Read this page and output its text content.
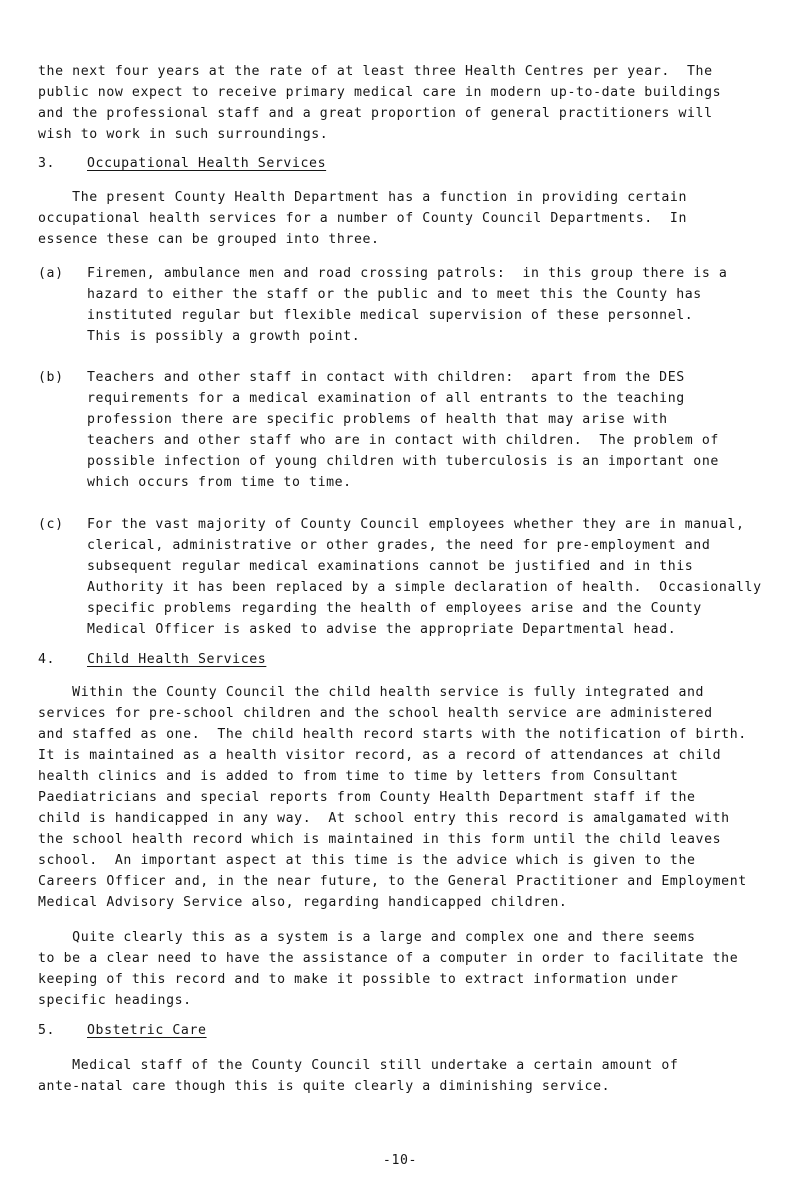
the next four years at the rate of at least three Health Centres per year.  The
public now expect to receive primary medical care in modern up-to-date buildings
and the professional staff and a great proportion of general practitioners will
wish to work in such surroundings.
3. Occupational Health Services
The present County Health Department has a function in providing certain
occupational health services for a number of County Council Departments.  In
essence these can be grouped into three.
(a) Firemen, ambulance men and road crossing patrols:  in this group there is a
hazard to either the staff or the public and to meet this the County has
instituted regular but flexible medical supervision of these personnel.
This is possibly a growth point.
(b) Teachers and other staff in contact with children:  apart from the DES
requirements for a medical examination of all entrants to the teaching
profession there are specific problems of health that may arise with
teachers and other staff who are in contact with children.  The problem of
possible infection of young children with tuberculosis is an important one
which occurs from time to time.
(c) For the vast majority of County Council employees whether they are in manual,
clerical, administrative or other grades, the need for pre-employment and
subsequent regular medical examinations cannot be justified and in this
Authority it has been replaced by a simple declaration of health.  Occasionally
specific problems regarding the health of employees arise and the County
Medical Officer is asked to advise the appropriate Departmental head.
4. Child Health Services
Within the County Council the child health service is fully integrated and
services for pre-school children and the school health service are administered
and staffed as one.  The child health record starts with the notification of birth.
It is maintained as a health visitor record, as a record of attendances at child
health clinics and is added to from time to time by letters from Consultant
Paediatricians and special reports from County Health Department staff if the
child is handicapped in any way.  At school entry this record is amalgamated with
the school health record which is maintained in this form until the child leaves
school.  An important aspect at this time is the advice which is given to the
Careers Officer and, in the near future, to the General Practitioner and Employment
Medical Advisory Service also, regarding handicapped children.
Quite clearly this as a system is a large and complex one and there seems
to be a clear need to have the assistance of a computer in order to facilitate the
keeping of this record and to make it possible to extract information under
specific headings.
5. Obstetric Care
Medical staff of the County Council still undertake a certain amount of
ante-natal care though this is quite clearly a diminishing service.
-10-
